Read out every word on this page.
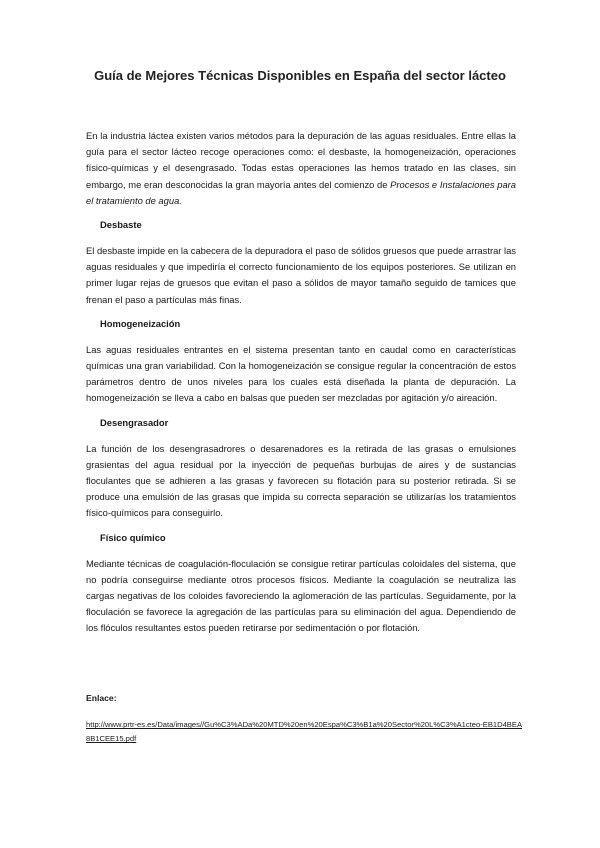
Guía de Mejores Técnicas Disponibles en España del sector lácteo

En la industria láctea existen varios métodos para la depuración de las aguas residuales. Entre ellas la guía para el sector lácteo recoge operaciones como: el desbaste, la homogeneización, operaciones físico-químicas y el desengrasado. Todas estas operaciones las hemos tratado en las clases, sin embargo, me eran desconocidas la gran mayoría antes del comienzo de Procesos e Instalaciones para el tratamiento de agua.

Desbaste

El desbaste impide en la cabecera de la depuradora el paso de sólidos gruesos que puede arrastrar las aguas residuales y que impediría el correcto funcionamiento de los equipos posteriores. Se utilizan en primer lugar rejas de gruesos que evitan el paso a sólidos de mayor tamaño seguido de tamices que frenan el paso a partículas más finas.

Homogeneización

Las aguas residuales entrantes en el sistema presentan tanto en caudal como en características químicas una gran variabilidad. Con la homogeneización se consigue regular la concentración de estos parámetros dentro de unos niveles para los cuales está diseñada la planta de depuración. La homogeneización se lleva a cabo en balsas que pueden ser mezcladas por agitación y/o aireación.

Desengrasador

La función de los desengrasadrores o desarenadores es la retirada de las grasas o emulsiones grasientas del agua residual por la inyección de pequeñas burbujas de aires y de sustancias floculantes que se adhieren a las grasas y favorecen su flotación para su posterior retirada. Si se produce una emulsión de las grasas que impida su correcta separación se utilizarías los tratamientos físico-químicos para conseguirlo.

Físico químico

Mediante técnicas de coagulación-floculación se consigue retirar partículas coloidales del sistema, que no podría conseguirse mediante otros procesos físicos. Mediante la coagulación se neutraliza las cargas negativas de los coloides favoreciendo la aglomeración de las partículas. Seguidamente, por la floculación se favorece la agregación de las partículas para su eliminación del agua. Dependiendo de los flóculos resultantes estos pueden retirarse por sedimentación o por flotación.

Enlace:

http://www.prtr-es.es/Data/images//Gu%C3%ADa%20MTD%20en%20Espa%C3%B1a%20Sector%20L%C3%A1cteo-EB1D4BEA8B1CEE15.pdf
